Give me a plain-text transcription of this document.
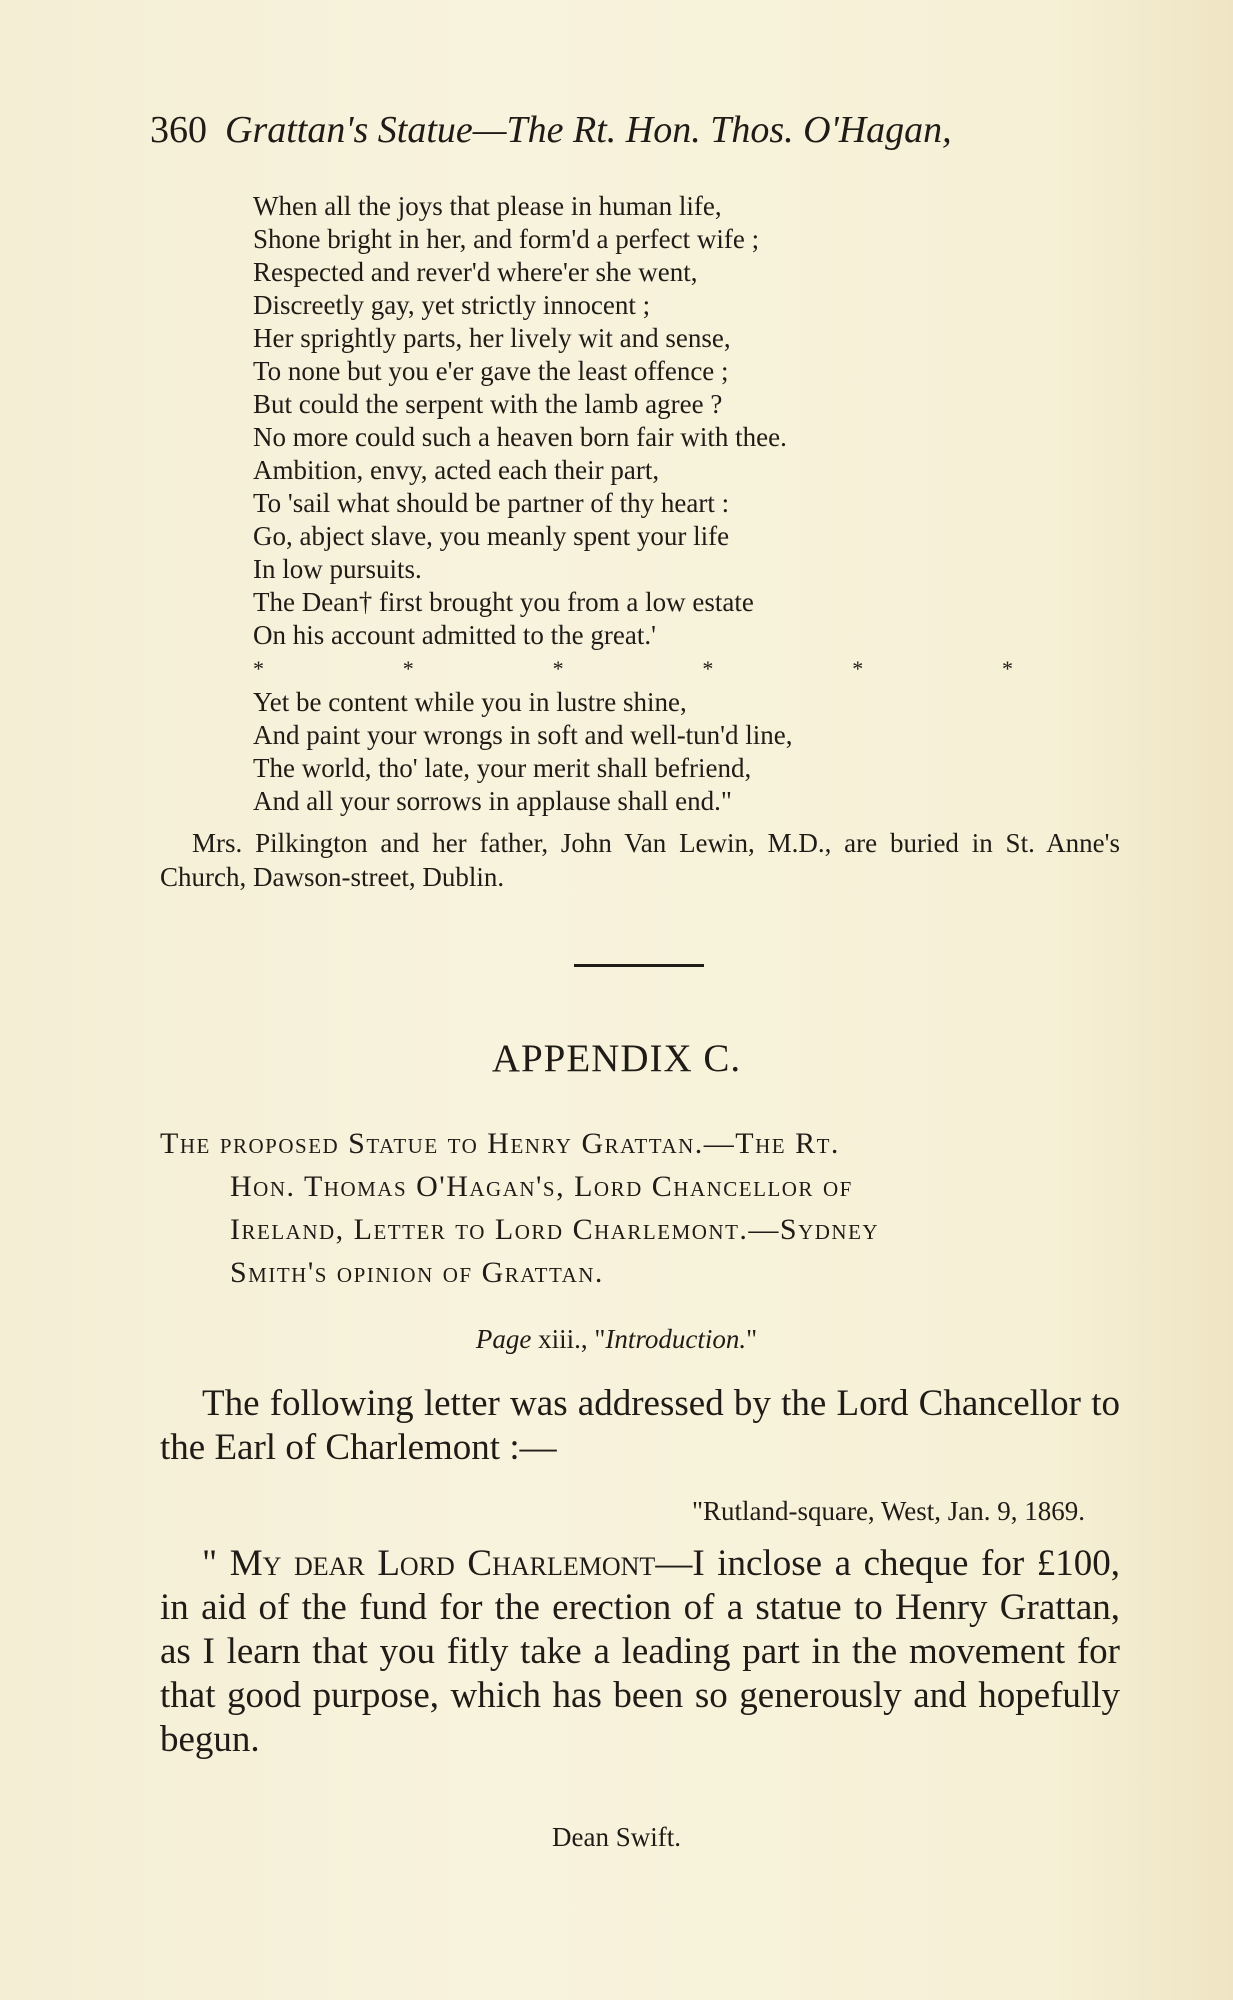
360 Grattan's Statue—The Rt. Hon. Thos. O'Hagan,
When all the joys that please in human life,
Shone bright in her, and form'd a perfect wife ;
Respected and rever'd where'er she went,
Discreetly gay, yet strictly innocent ;
Her sprightly parts, her lively wit and sense,
To none but you e'er gave the least offence ;
But could the serpent with the lamb agree ?
No more could such a heaven born fair with thee.
Ambition, envy, acted each their part,
To 'sail what should be partner of thy heart :
Go, abject slave, you meanly spent your life
In low pursuits.
The Dean† first brought you from a low estate
On his account admitted to the great.'
*	*	*	*	*	*
Yet be content while you in lustre shine,
And paint your wrongs in soft and well-tun'd line,
The world, tho' late, your merit shall befriend,
And all your sorrows in applause shall end."
Mrs. Pilkington and her father, John Van Lewin, M.D., are buried in St. Anne's Church, Dawson-street, Dublin.
APPENDIX C.
The proposed Statue to Henry Grattan.—The Rt.
Hon. Thomas O'Hagan's, Lord Chancellor of
Ireland, Letter to Lord Charlemont.—Sydney
Smith's opinion of Grattan.
Page xiii., "Introduction."
The following letter was addressed by the Lord Chancellor to the Earl of Charlemont :—
"Rutland-square, West, Jan. 9, 1869.
" My dear Lord Charlemont—I inclose a cheque for £100, in aid of the fund for the erection of a statue to Henry Grattan, as I learn that you fitly take a leading part in the movement for that good purpose, which has been so generously and hopefully begun.
Dean Swift.
